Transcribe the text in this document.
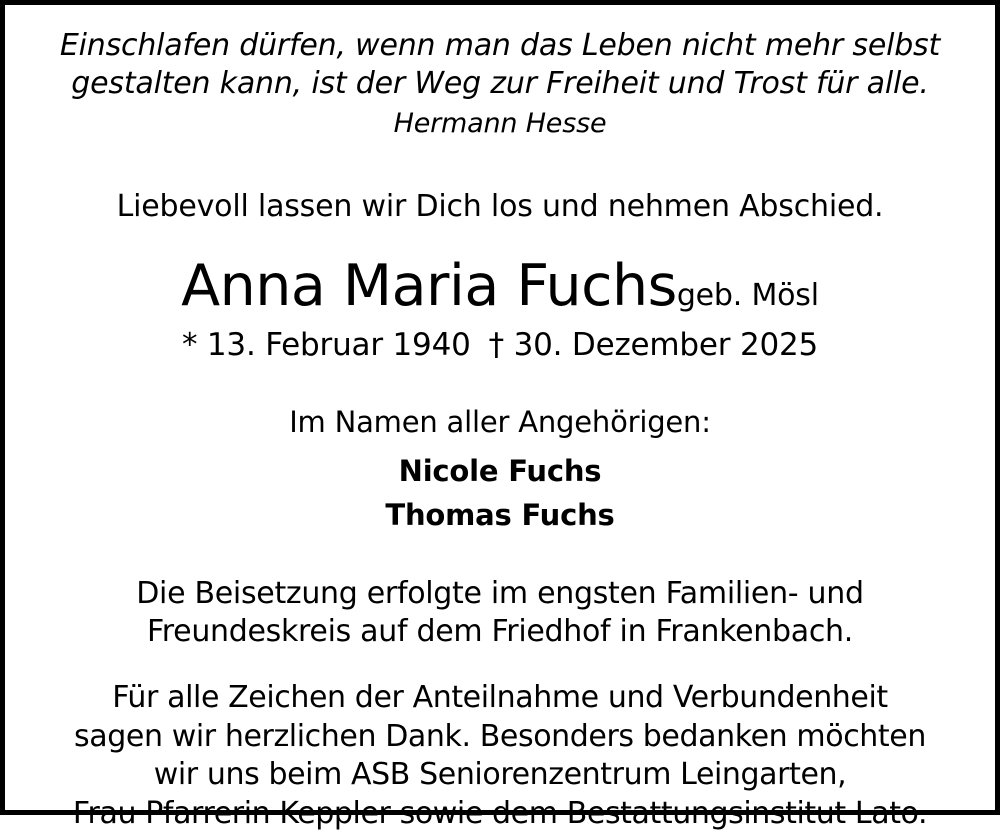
Einschlafen dürfen, wenn man das Leben nicht mehr selbst
gestalten kann, ist der Weg zur Freiheit und Trost für alle.
Hermann Hesse
Liebevoll lassen wir Dich los und nehmen Abschied.
Anna Maria Fuchsgeb. Mösl
* 13. Februar 1940 † 30. Dezember 2025
Im Namen aller Angehörigen:
Nicole Fuchs
Thomas Fuchs
Die Beisetzung erfolgte im engsten Familien- und
Freundeskreis auf dem Friedhof in Frankenbach.
Für alle Zeichen der Anteilnahme und Verbundenheit
sagen wir herzlichen Dank. Besonders bedanken möchten
wir uns beim ASB Seniorenzentrum Leingarten,
Frau Pfarrerin Keppler sowie dem Bestattungsinstitut Lato.
